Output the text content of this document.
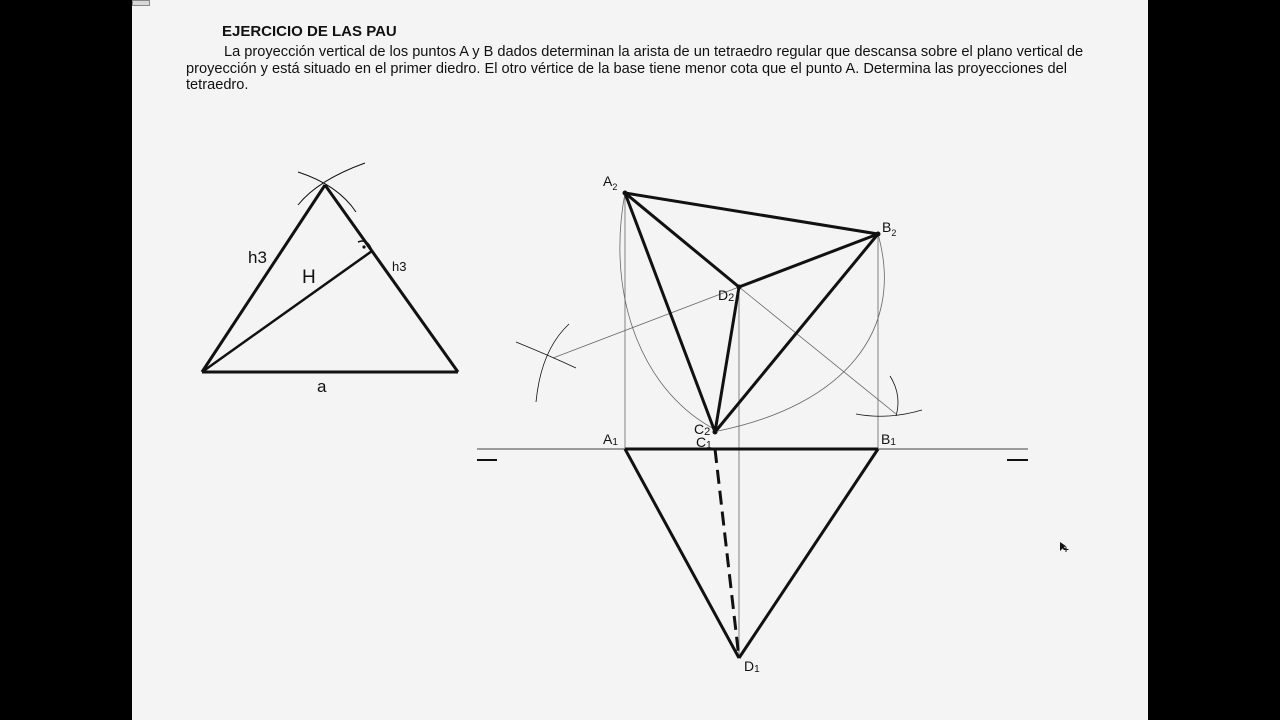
EJERCICIO DE LAS PAU

La proyección vertical de los puntos A y B dados determinan la arista de un tetraedro regular que descansa sobre el plano vertical de proyección y está situado en el primer diedro. El otro vértice de la base tiene menor cota que el punto A. Determina las proyecciones del tetraedro.

h3	h3
H
a
$A_2$
$B_2$
D2
C2
C1
A1	B1
D1
